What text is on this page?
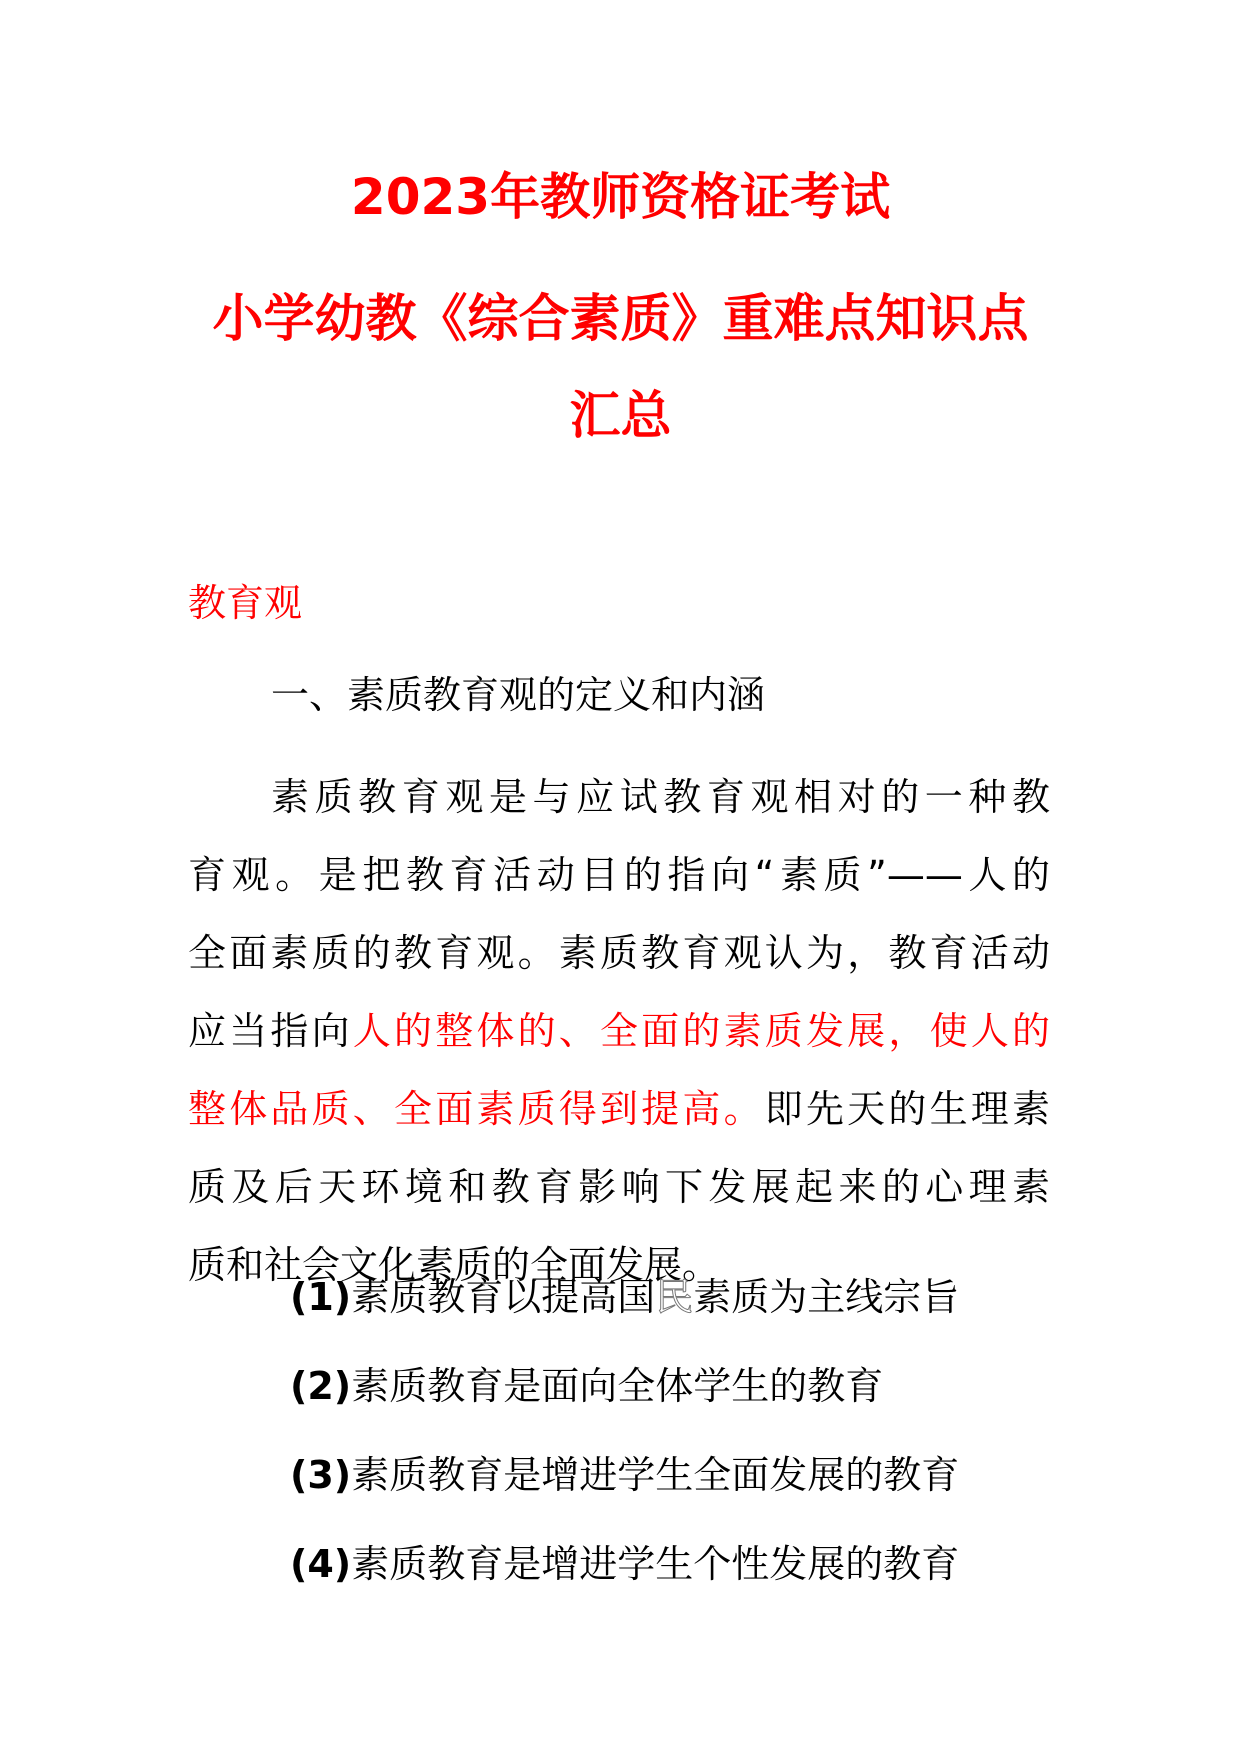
2023年教师资格证考试
小学幼教《综合素质》重难点知识点
汇总
教育观
一、素质教育观的定义和内涵
素质教育观是与应试教育观相对的一种教
育观。是把教育活动目的指向“素质”——人的
全面素质的教育观。素质教育观认为，教育活动
应当指向人的整体的、全面的素质发展，使人的
整体品质、全面素质得到提高。即先天的生理素
质及后天环境和教育影响下发展起来的心理素
质和社会文化素质的全面发展。
(1)素质教育以提高国民素质为主线宗旨
(2)素质教育是面向全体学生的教育
(3)素质教育是增进学生全面发展的教育
(4)素质教育是增进学生个性发展的教育
